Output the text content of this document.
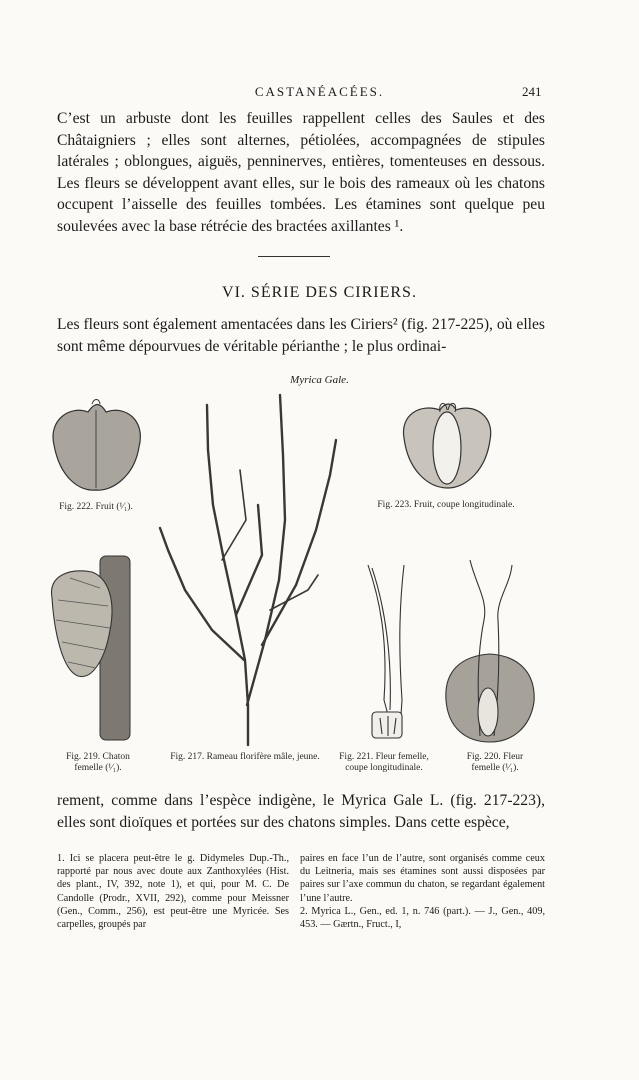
CASTANÉACÉES.	241

C’est un arbuste dont les feuilles rappellent celles des Saules et des Châtaigniers ; elles sont alternes, pétiolées, accompagnées de stipules latérales ; oblongues, aiguës, penninerves, entières, tomenteuses en dessous. Les fleurs se développent avant elles, sur le bois des rameaux où les chatons occupent l’aisselle des feuilles tombées. Les étamines sont quelque peu soulevées avec la base rétrécie des bractées axillantes ¹.

VI. SÉRIE DES CIRIERS.

Les fleurs sont également amentacées dans les Ciriers² (fig. 217-225), où elles sont même dépourvues de véritable périanthe ; le plus ordinai-

Myrica Gale.
Fig. 222. Fruit (¹⁄₁).	Fig. 223. Fruit, coupe longitudinale.
Fig. 219. Chaton femelle (¹⁄₁).
Fig. 217. Rameau florifère mâle, jeune.	Fig. 221. Fleur femelle, coupe longitudinale.
Fig. 220. Fleur femelle (¹⁄₁).

rement, comme dans l’espèce indigène, le Myrica Gale L. (fig. 217-223), elles sont dioïques et portées sur des chatons simples. Dans cette espèce,

1. Ici se placera peut-être le g. Didymeles Dup.-Th., rapporté par nous avec doute aux Zanthoxylées (Hist. des plant., IV, 392, note 1), et qui, pour M. C. De Candolle (Prodr., XVII, 292), comme pour Meissner (Gen., Comm., 256), est peut-être une Myricée. Ses carpelles, groupés par

paires en face l’un de l’autre, sont organisés comme ceux du Leitneria, mais ses étamines sont aussi disposées par paires sur l’axe commun du chaton, se regardant également l’une l’autre.

2. Myrica L., Gen., ed. 1, n. 746 (part.). — J., Gen., 409, 453. — Gærtn., Fruct., I,
